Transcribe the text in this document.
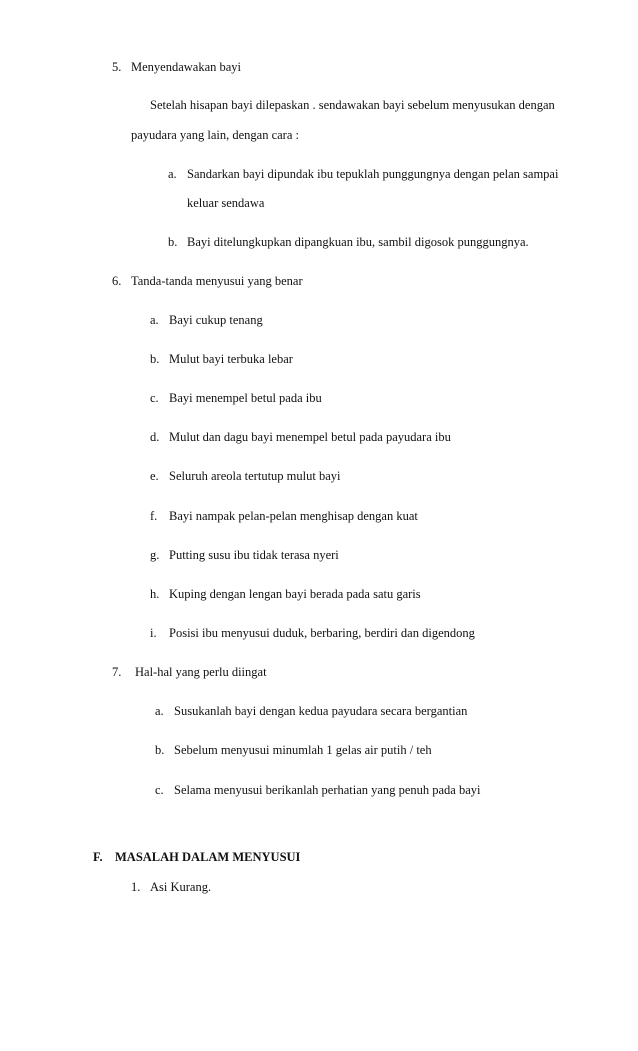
5. Menyendawakan bayi
Setelah hisapan bayi dilepaskan . sendawakan bayi sebelum menyusukan dengan
payudara yang lain, dengan cara :
a. Sandarkan bayi dipundak ibu tepuklah punggungnya dengan pelan sampai
keluar sendawa
b. Bayi ditelungkupkan dipangkuan ibu, sambil digosok punggungnya.
6. Tanda-tanda menyusui yang benar
a. Bayi cukup tenang
b. Mulut bayi terbuka lebar
c. Bayi menempel betul pada ibu
d. Mulut dan dagu bayi menempel betul pada payudara ibu
e. Seluruh areola tertutup mulut bayi
f. Bayi nampak pelan-pelan menghisap dengan kuat
g. Putting susu ibu tidak terasa nyeri
h. Kuping dengan lengan bayi berada pada satu garis
i. Posisi ibu menyusui duduk, berbaring, berdiri dan digendong
7. Hal-hal yang perlu diingat
a. Susukanlah bayi dengan kedua payudara secara bergantian
b. Sebelum menyusui minumlah 1 gelas air putih / teh
c. Selama menyusui berikanlah perhatian yang penuh pada bayi
F. MASALAH DALAM MENYUSUI
1. Asi Kurang.
